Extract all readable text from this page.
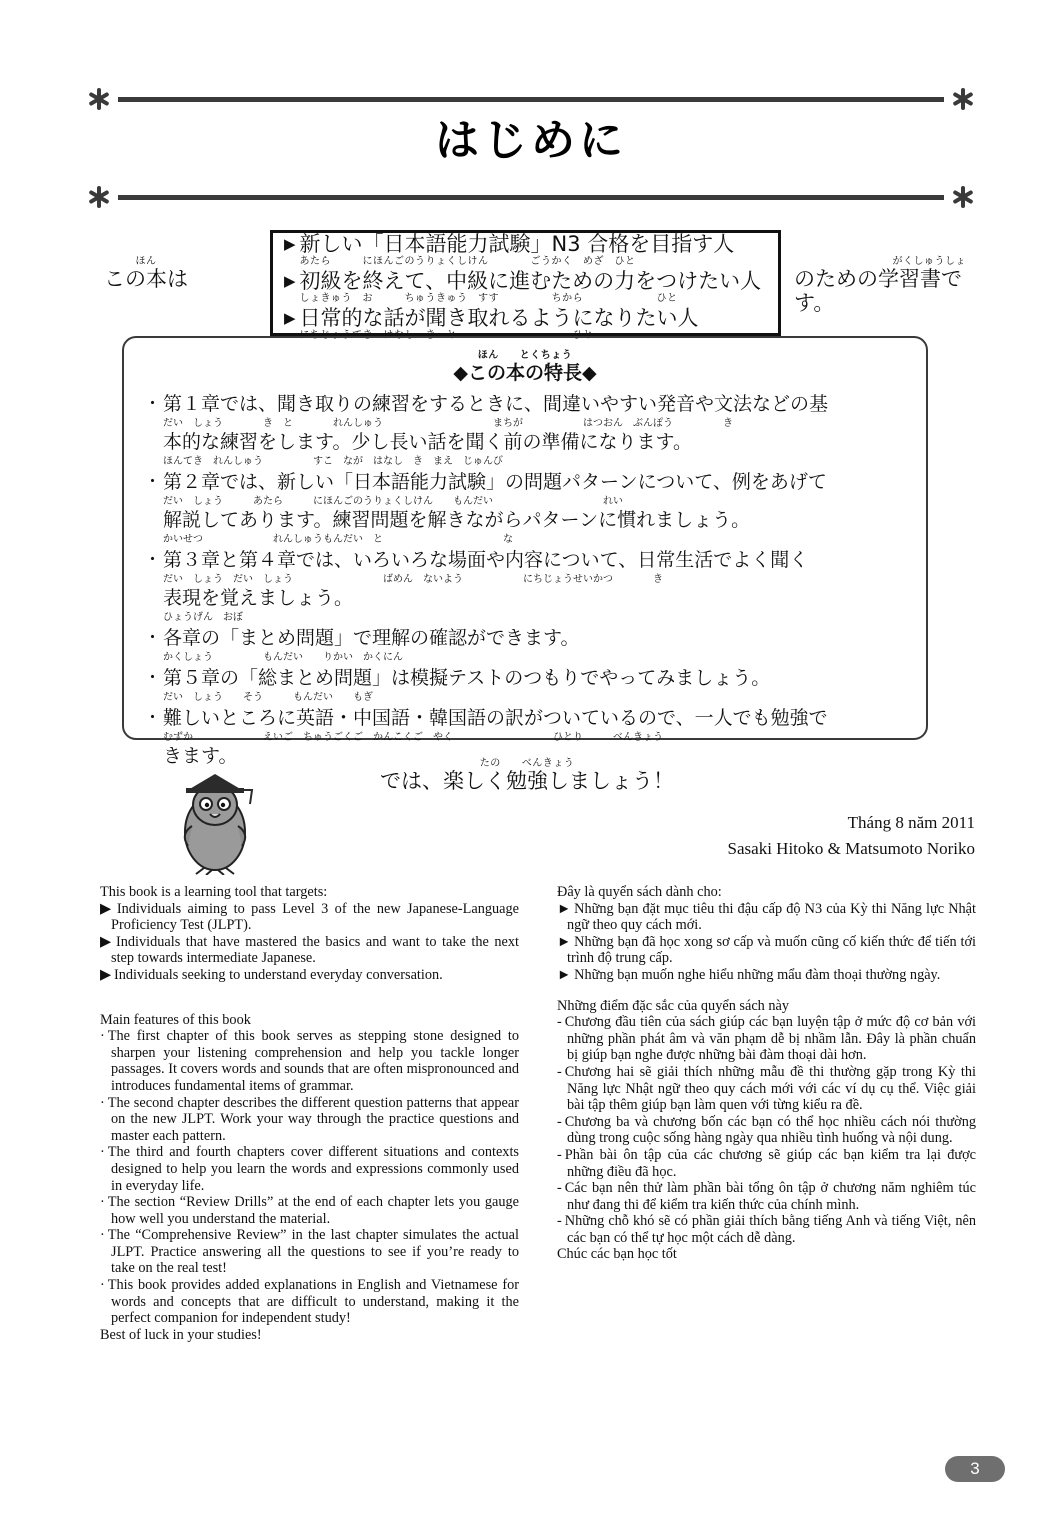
はじめに
ほん
この本は
▶ 新しい「日本語能力試験」N3 合格を目指す人
あたら　　　にほんごのうりょくしけん　　　　ごうかく　めざ　ひと
▶ 初級を終えて、中級に進むための力をつけたい人
しょきゅう　お　　　ちゅうきゅう　すす　　　　　ちから　　　　　　　ひと
▶ 日常的な話が聞き取れるようになりたい人
にちじょうてき　はなし　き　と　　　　　　　　　　　ひと
がくしゅうしょ
のための学習書です。
ほん　　とくちょう
◆この本の特長◆
・ 第１章では、聞き取りの練習をするときに、間違いやすい発音や文法などの基
だい　しょう　　　　き　と　　　　れんしゅう　　　　　　　　　　　まちが　　　　　　はつおん　ぶんぽう　　　　　き
本的な練習をします。少し長い話を聞く前の準備になります。
ほんてき　れんしゅう　　　　　すこ　なが　はなし　き　まえ　じゅんび
・ 第２章では、新しい「日本語能力試験」の問題パターンについて、例をあげて
だい　しょう　　　あたら　　　にほんごのうりょくしけん　　もんだい　　　　　　　　　　　れい
解説してあります。練習問題を解きながらパターンに慣れましょう。
かいせつ　　　　　　　れんしゅうもんだい　と　　　　　　　　　　　　な
・ 第３章と第４章では、いろいろな場面や内容について、日常生活でよく聞く
だい　しょう　だい　しょう　　　　　　　　　ばめん　ないよう　　　　　　にちじょうせいかつ　　　　き
表現を覚えましょう。
ひょうげん　おぼ
・ 各章の「まとめ問題」で理解の確認ができます。
かくしょう　　　　　もんだい　　りかい　かくにん
・ 第５章の「総まとめ問題」は模擬テストのつもりでやってみましょう。
だい　しょう　　そう　　　もんだい　　もぎ
・ 難しいところに英語・中国語・韓国語の訳がついているので、一人でも勉強で
むずか　　　　　　　えいご　ちゅうごくご　かんこくご　やく　　　　　　　　　　ひとり　　　べんきょう
きます。	たの　　べんきょう
では、楽しく勉強しましょう！
Tháng 8 năm 2011
Sasaki Hitoko & Matsumoto Noriko

This book is a learning tool that targets:

▶ Individuals aiming to pass Level 3 of the new Japanese-Language Proficiency Test (JLPT).

▶ Individuals that have mastered the basics and want to take the next step towards intermediate Japanese.

▶ Individuals seeking to understand everyday conversation.

Main features of this book

· The first chapter of this book serves as stepping stone designed to sharpen your listening comprehension and help you tackle longer passages. It covers words and sounds that are often mispronounced and introduces fundamental items of grammar.

· The second chapter describes the different question patterns that appear on the new JLPT. Work your way through the practice questions and master each pattern.

· The third and fourth chapters cover different situations and contexts designed to help you learn the words and expressions commonly used in everyday life.

· The section “Review Drills” at the end of each chapter lets you gauge how well you understand the material.

· The “Comprehensive Review” in the last chapter simulates the actual JLPT. Practice answering all the questions to see if you’re ready to take on the real test!

· This book provides added explanations in English and Vietnamese for words and concepts that are difficult to understand, making it the perfect companion for independent study!

Best of luck in your studies!

Đây là quyển sách dành cho:

► Những bạn đặt mục tiêu thi đậu cấp độ N3 của Kỳ thi Năng lực Nhật ngữ theo quy cách mới.

► Những bạn đã học xong sơ cấp và muốn cũng cố kiến thức để tiến tới trình độ trung cấp.

► Những bạn muốn nghe hiểu những mẩu đàm thoại thường ngày.

Những điểm đặc sắc của quyển sách này

- Chương đầu tiên của sách giúp các bạn luyện tập ở mức độ cơ bản với những phần phát âm và văn phạm dễ bị nhầm lẫn. Đây là phần chuẩn bị giúp bạn nghe được những bài đàm thoại dài hơn.

- Chương hai sẽ giải thích những mẫu đề thi thường gặp trong Kỳ thi Năng lực Nhật ngữ theo quy cách mới với các ví dụ cụ thể. Việc giải bài tập thêm giúp bạn làm quen với từng kiểu ra đề.

- Chương ba và chương bốn các bạn có thể học nhiều cách nói thường dùng trong cuộc sống hàng ngày qua nhiều tình huống và nội dung.

- Phần bài ôn tập của các chương sẽ giúp các bạn kiểm tra lại được những điều đã học.

- Các bạn nên thử làm phần bài tổng ôn tập ở chương năm nghiêm túc như đang thi để kiểm tra kiến thức của chính mình.

- Những chỗ khó sẽ có phần giải thích bằng tiếng Anh và tiếng Việt, nên các bạn có thể tự học một cách dễ dàng.

Chúc các bạn học tốt

3
